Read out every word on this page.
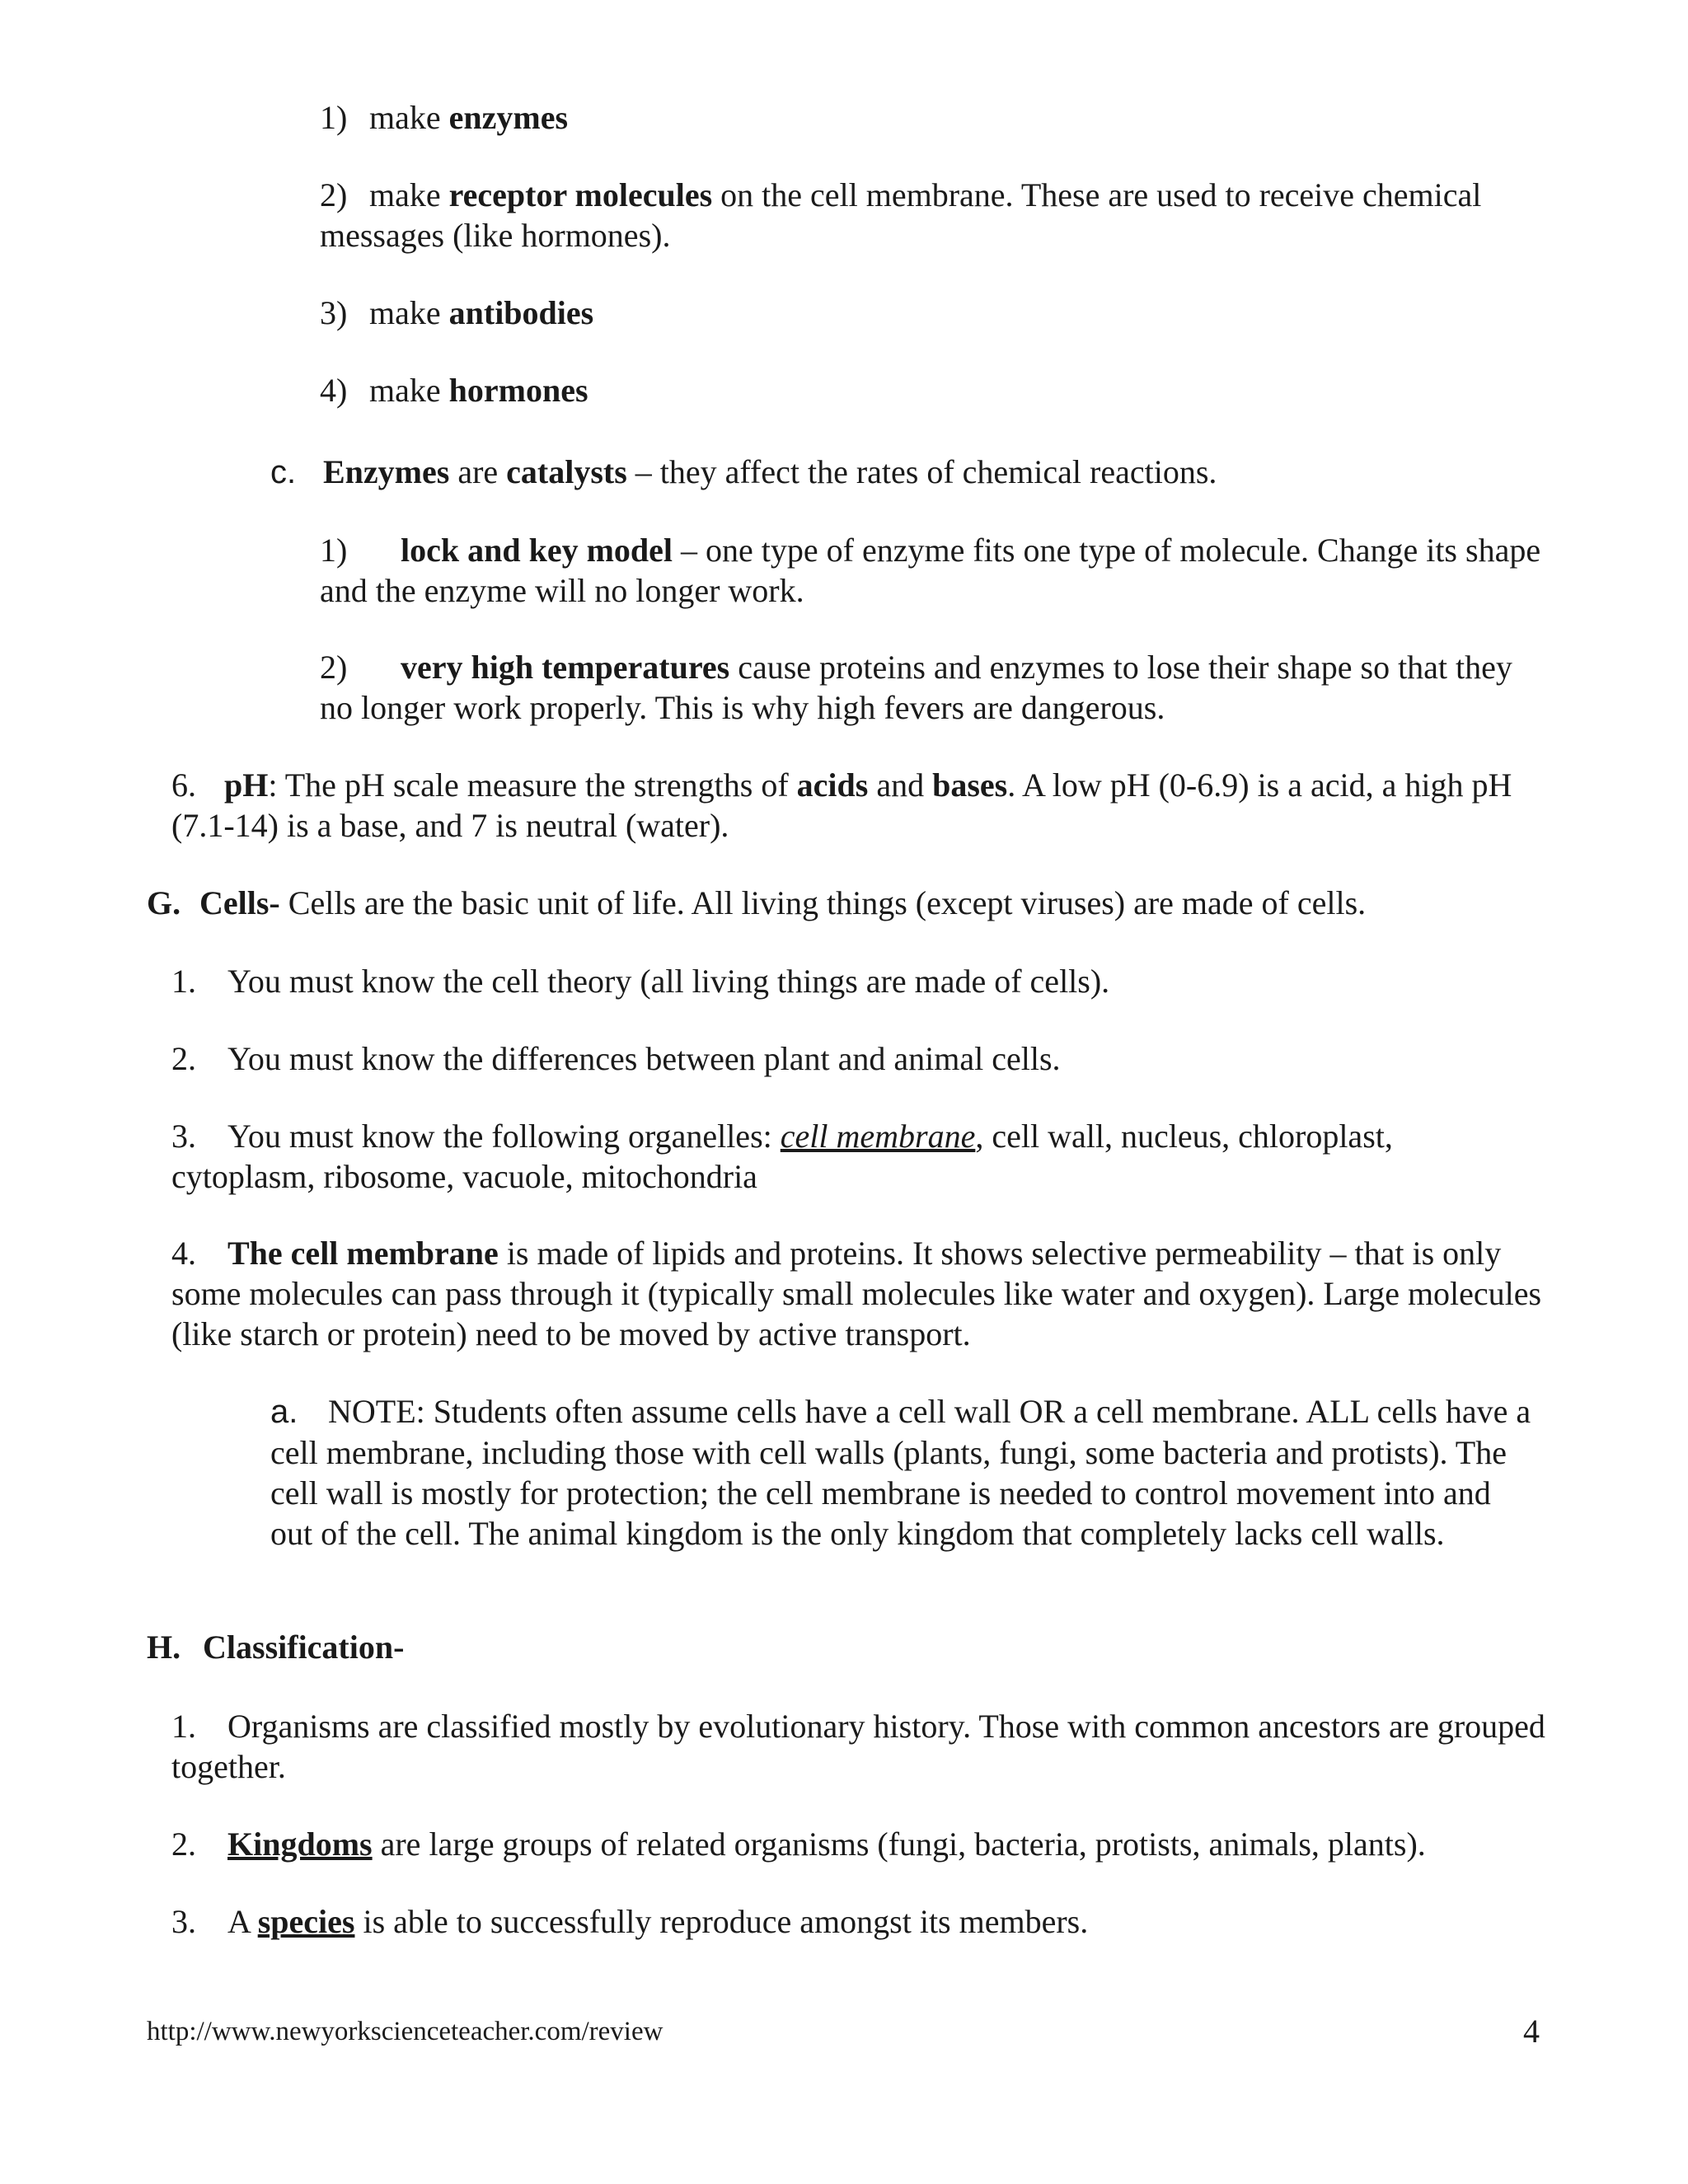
1) make enzymes

2) make receptor molecules on the cell membrane. These are used to receive chemical messages (like hormones).

3) make antibodies

4) make hormones

c. Enzymes are catalysts – they affect the rates of chemical reactions.

1) lock and key model – one type of enzyme fits one type of molecule. Change its shape and the enzyme will no longer work.

2) very high temperatures cause proteins and enzymes to lose their shape so that they no longer work properly. This is why high fevers are dangerous.

6. pH: The pH scale measure the strengths of acids and bases. A low pH (0-6.9) is a acid, a high pH (7.1-14) is a base, and 7 is neutral (water).

G. Cells- Cells are the basic unit of life. All living things (except viruses) are made of cells.

1. You must know the cell theory (all living things are made of cells).

2. You must know the differences between plant and animal cells.

3. You must know the following organelles: cell membrane, cell wall, nucleus, chloroplast, cytoplasm, ribosome, vacuole, mitochondria

4. The cell membrane is made of lipids and proteins. It shows selective permeability – that is only some molecules can pass through it (typically small molecules like water and oxygen). Large molecules (like starch or protein) need to be moved by active transport.

a. NOTE: Students often assume cells have a cell wall OR a cell membrane. ALL cells have a cell membrane, including those with cell walls (plants, fungi, some bacteria and protists). The cell wall is mostly for protection; the cell membrane is needed to control movement into and out of the cell. The animal kingdom is the only kingdom that completely lacks cell walls.

H. Classification-

1. Organisms are classified mostly by evolutionary history. Those with common ancestors are grouped together.

2. Kingdoms are large groups of related organisms (fungi, bacteria, protists, animals, plants).

3. A species is able to successfully reproduce amongst its members.

http://www.newyorkscienceteacher.com/review	4
